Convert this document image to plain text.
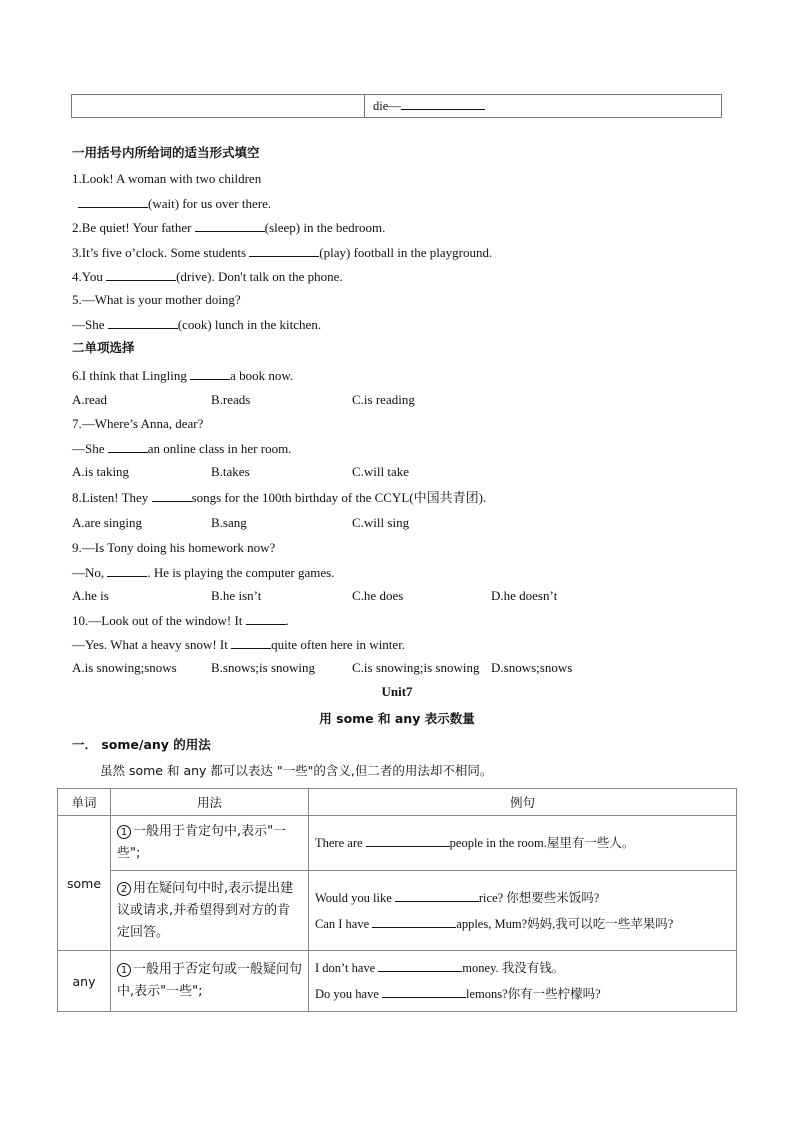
die—
一用括号内所给词的适当形式填空
1.Look! A woman with two children
(wait) for us over there.
2.Be quiet! Your father	(sleep) in the bedroom.
3.It’s five o’clock. Some students	(play) football in the playground.
4.You	(drive). Don't talk on the phone.
5.—What is your mother doing?
—She	(cook) lunch in the kitchen.
二单项选择
6.I think that Lingling	a book now.
A.read	B.reads	C.is reading
7.—Where’s Anna, dear?
—She	an online class in her room.
A.is taking	B.takes	C.will take
8.Listen! They	songs for the 100th birthday of the CCYL(中国共青团).
A.are singing	B.sang	C.will sing
9.—Is Tony doing his homework now?
—No,	. He is playing the computer games.
A.he is	B.he isn’t	C.he does	D.he doesn’t
10.—Look out of the window! It	.
—Yes. What a heavy snow! It	quite often here in winter.
A.is snowing;snows	B.snows;is snowing	C.is snowing;is snowing D.snows;snows
Unit7
用 some 和 any 表示数量
一． some/any 的用法
虽然 some 和 any 都可以表达 "一些"的含义,但二者的用法却不相同。
单词	用法	例句
some	1 一般用于肯定句中,表示"一些";	There are people in the room.屋里有一些人。
	2 用在疑问句中时,表示提出建议或请求,并希望得到对方的肯定回答。	Would you like rice? 你想要些米饭吗?
Can I have apples, Mum?妈妈,我可以吃一些苹果吗?

any	1 一般用于否定句或一般疑问句中,表示"一些";	I don’t have money. 我没有钱。
Do you have lemons?你有一些柠檬吗?
